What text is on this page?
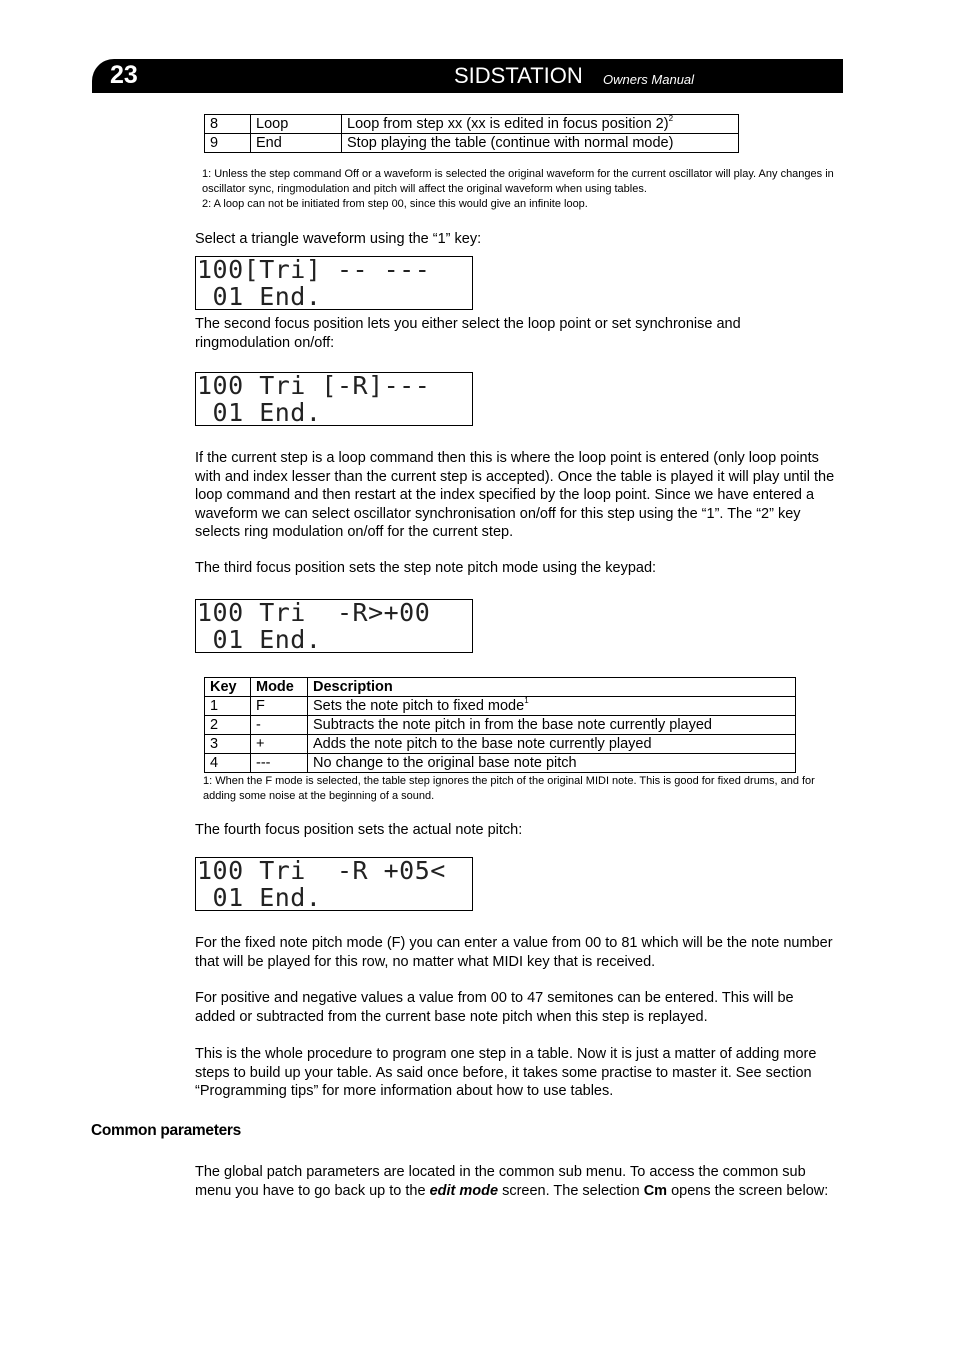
23	SIDSTATION Owners Manual
8	Loop	Loop from step xx (xx is edited in focus position 2)$^2$
9	End	Stop playing the table (continue with normal mode)
1: Unless the step command Off or a waveform is selected the original waveform for the current oscillator will play. Any changes in oscillator sync, ringmodulation and pitch will affect the original waveform when using tables.
2: A loop can not be initiated from step 00, since this would give an infinite loop.
Select a triangle waveform using the “1” key:
100[Tri] -- ---
01 End.
The second focus position lets you either select the loop point or set synchronise and ringmodulation on/off:
100 Tri [-R]---
01 End.
If the current step is a loop command then this is where the loop point is entered (only loop points with and index lesser than the current step is accepted). Once the table is played it will play until the loop command and then restart at the index specified by the loop point. Since we have entered a waveform we can select oscillator synchronisation on/off for this step using the “1”. The “2” key selects ring modulation on/off for the current step.
The third focus position sets the step note pitch mode using the keypad:
100 Tri  -R>+00
01 End.
Key	Mode	Description
1	F	Sets the note pitch to fixed mode$^1$
2	-	Subtracts the note pitch in from the base note currently played
3	+	Adds the note pitch to the base note currently played
4	---	No change to the original base note pitch
1: When the F mode is selected, the table step ignores the pitch of the original MIDI note. This is good for fixed drums, and for adding some noise at the beginning of a sound.
The fourth focus position sets the actual note pitch:
100 Tri  -R +05<
01 End.
For the fixed note pitch mode (F) you can enter a value from 00 to 81 which will be the note number that will be played for this row, no matter what MIDI key that is received.
For positive and negative values a value from 00 to 47 semitones can be entered. This will be added or subtracted from the current base note pitch when this step is replayed.
This is the whole procedure to program one step in a table. Now it is just a matter of adding more steps to build up your table. As said once before, it takes some practise to master it. See section “Programming tips” for more information about how to use tables.
Common parameters
The global patch parameters are located in the common sub menu. To access the common sub menu you have to go back up to the edit mode screen. The selection Cm opens the screen below:
